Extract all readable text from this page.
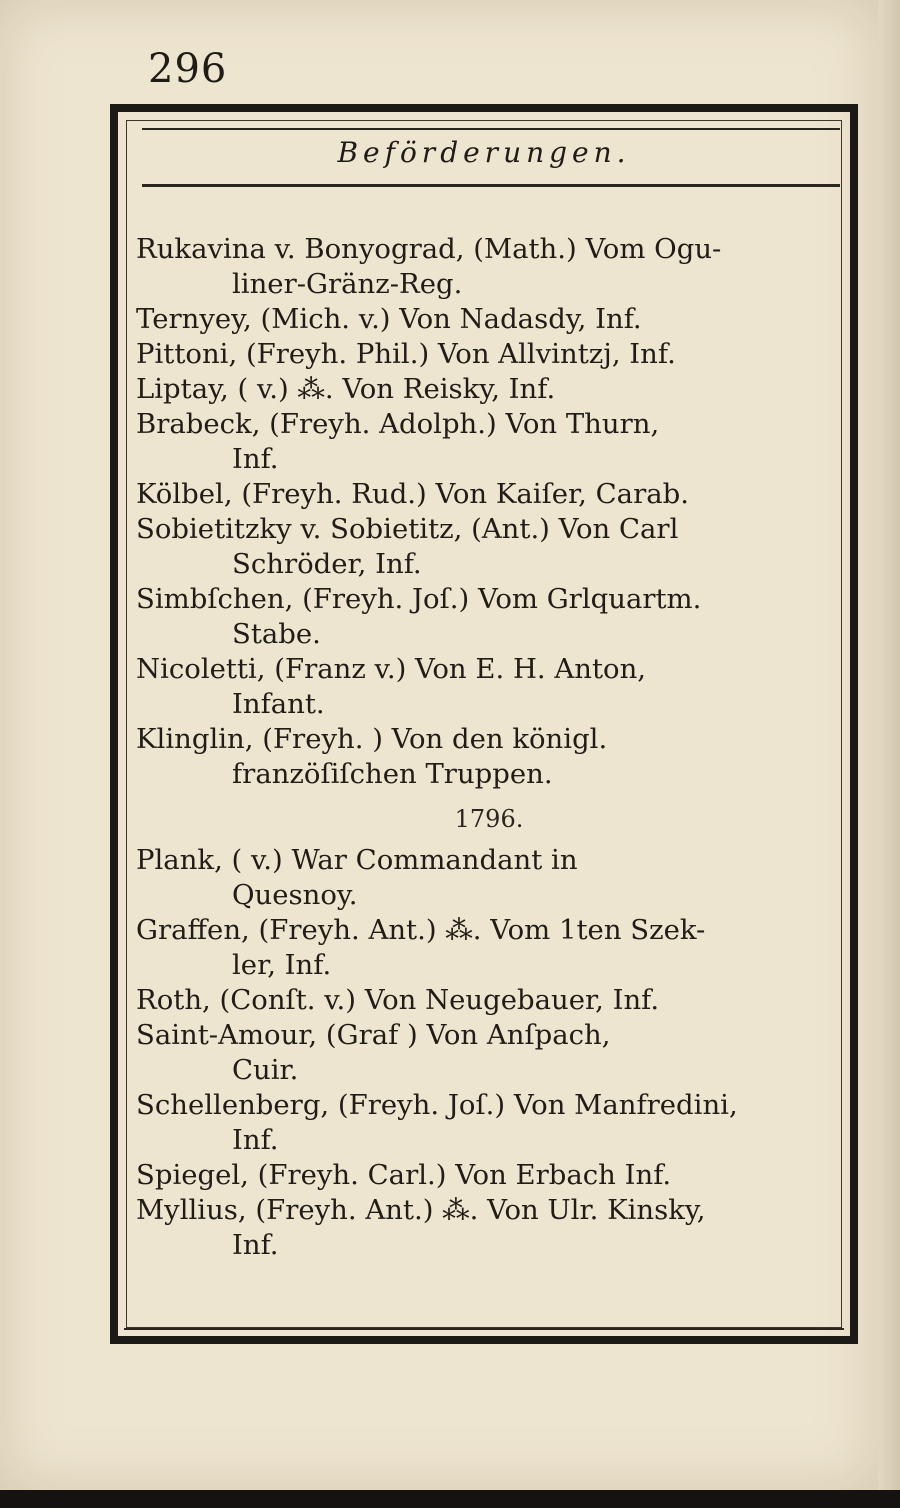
296
Beförderungen.
Rukavina v. Bonyograd, (Math.) Vom Ogu-
liner-Gränz-Reg.
Ternyey, (Mich. v.) Von Nadasdy, Inf.
Pittoni, (Freyh. Phil.) Von Allvintzj, Inf.
Liptay, ( v.) ⁂. Von Reisky, Inf.
Brabeck, (Freyh. Adolph.) Von Thurn,
Inf.
Kölbel, (Freyh. Rud.) Von Kaiſer, Carab.
Sobietitzky v. Sobietitz, (Ant.) Von Carl
Schröder, Inf.
Simbſchen, (Freyh. Joſ.) Vom Grlquartm.
Stabe.
Nicoletti, (Franz v.) Von E. H. Anton,
Infant.
Klinglin, (Freyh. ) Von den königl.
franzöſiſchen Truppen.
1796.
Plank, ( v.) War Commandant in
Quesnoy.
Graffen, (Freyh. Ant.) ⁂. Vom 1ten Szek-
ler, Inf.
Roth, (Conſt. v.) Von Neugebauer, Inf.
Saint-Amour, (Graf ) Von Anſpach,
Cuir.
Schellenberg, (Freyh. Joſ.) Von Manfredini,
Inf.
Spiegel, (Freyh. Carl.) Von Erbach Inf.
Myllius, (Freyh. Ant.) ⁂. Von Ulr. Kinsky,
Inf.
